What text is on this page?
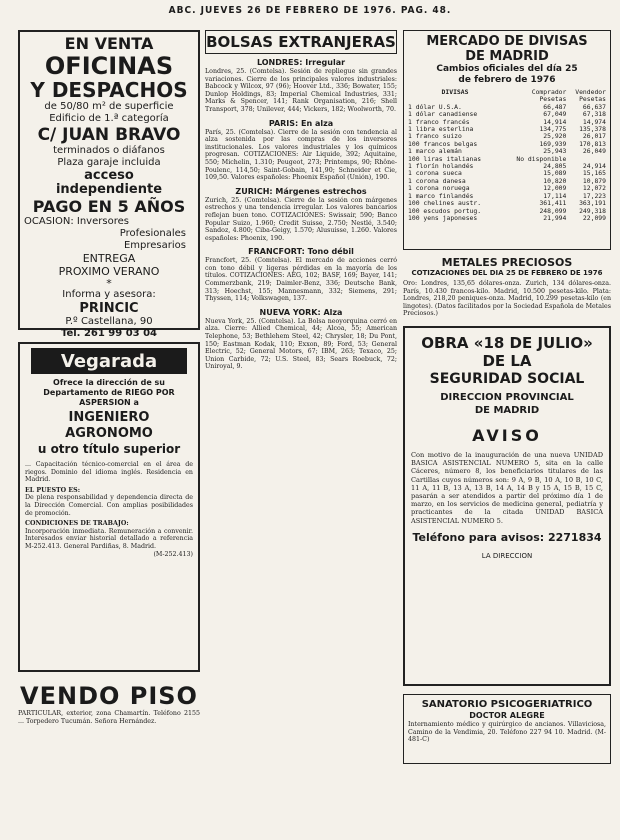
ABC. JUEVES 26 DE FEBRERO DE 1976. PAG. 48.
EN VENTA
OFICINAS
Y DESPACHOS
de 50/80 m² de superficie
Edificio de 1.ª categoría
C/ JUAN BRAVO
terminados o diáfanos
Plaza garaje incluida
acceso
independiente
PAGO EN 5 AÑOS
OCASION: Inversores
Profesionales
Empresarios
ENTREGA
PROXIMO VERANO
*
Informa y asesora:
PRINCIC
P.º Castellana, 90
Tel. 261 99 03 04
Vegarada
Ofrece la dirección de su Departamento de RIEGO POR ASPERSION a
INGENIERO AGRONOMO
u otro título superior
... Capacitación técnico-comercial en el área de riegos. Dominio del idioma inglés. Residencia en Madrid.
EL PUESTO ES:
De plena responsabilidad y dependencia directa de la Dirección Comercial. Con amplias posibilidades de promoción.
CONDICIONES DE TRABAJO:
Incorporación inmediata. Remuneración a convenir. Interesados enviar historial detallado a referencia M-252.413. General Pardiñas, 8. Madrid.
(M-252.413)
VENDO PISO
PARTICULAR, exterior, zona Chamartín. Teléfono 2155 ... Torpedero Tucumán. Señora Hernández.
BOLSAS EXTRANJERAS
LONDRES: Irregular
Londres, 25. (Comtelsa). Sesión de repliegue sin grandes variaciones. Cierre de los principales valores industriales: Babcock y Wilcox, 97 (96); Hoover Ltd., 336; Bowater, 155; Dunlop Holdings, 83; Imperial Chemical Industries, 331; Marks & Spencer, 141; Rank Organisation, 216; Shell Transport, 378; Unilever, 444; Vickers, 182; Woolworth, 70.
PARIS: En alza
París, 25. (Comtelsa). Cierre de la sesión con tendencia al alza sostenida por las compras de los inversores institucionales. Los valores industriales y los químicos progresan. COTIZACIONES: Air Liquide, 392; Aquitaine, 550; Michelin, 1.310; Peugeot, 273; Printemps, 90; Rhône-Poulenc, 114,50; Saint-Gobain, 141,90; Schneider et Cie, 109,50. Valores españoles: Phoenix Español (Unión), 190.
ZURICH: Márgenes estrechos
Zurich, 25. (Comtelsa). Cierre de la sesión con márgenes estrechos y una tendencia irregular. Los valores bancarios reflejan buen tono. COTIZACIONES: Swissair, 590; Banco Popular Suizo, 1.960; Credit Suisse, 2.750; Nestlé, 3.540; Sandoz, 4.800; Ciba-Geigy, 1.570; Alusuisse, 1.260. Valores españoles: Phoenix, 190.
FRANCFORT: Tono débil
Francfort, 25. (Comtelsa). El mercado de acciones cerró con tono débil y ligeras pérdidas en la mayoría de los títulos. COTIZACIONES: AEG, 102; BASF, 169; Bayer, 141; Commerzbank, 219; Daimler-Benz, 336; Deutsche Bank, 313; Hoechst, 155; Mannesmann, 332; Siemens, 291; Thyssen, 114; Volkswagen, 137.
NUEVA YORK: Alza
Nueva York, 25. (Comtelsa). La Bolsa neoyorquina cerró en alza. Cierre: Allied Chemical, 44; Alcoa, 55; American Telephone, 53; Bethlehem Steel, 42; Chrysler, 18; Du Pont, 150; Eastman Kodak, 110; Exxon, 89; Ford, 53; General Electric, 52; General Motors, 67; IBM, 263; Texaco, 25; Union Carbide, 72; U.S. Steel, 83; Sears Roebuck, 72; Uniroyal, 9.
MERCADO DE DIVISAS
DE MADRID
Cambios oficiales del día 25
de febrero de 1976
DIVISAS	Comprador	Vendedor
	Pesetas	Pesetas
1 dólar U.S.A.	66,487	66,637
1 dólar canadiense	67,049	67,318
1 franco francés	14,914	14,974
1 libra esterlina	134,775	135,378
1 franco suizo	25,920	26,017
100 francos belgas	169,939	170,813
1 marco alemán	25,943	26,049
100 liras italianas	No disponible	
1 florín holandés	24,805	24,914
1 corona sueca	15,089	15,165
1 corona danesa	10,820	10,879
1 corona noruega	12,009	12,072
1 marco finlandés	17,114	17,223
100 chelines austr.	361,411	363,191
100 escudos portug.	248,099	249,318
100 yens japoneses	21,994	22,099
METALES PRECIOSOS
COTIZACIONES DEL DIA 25 DE FEBRERO DE 1976
Oro: Londres, 135,65 dólares-onza. Zurich, 134 dólares-onza. París, 10.430 francos-kilo. Madrid, 10.500 pesetas-kilo. Plata: Londres, 218,20 peniques-onza. Madrid, 10.299 pesetas-kilo (en lingotes). (Datos facilitados por la Sociedad Española de Metales Preciosos.)
OBRA «18 DE JULIO»
DE LA
SEGURIDAD SOCIAL
DIRECCION PROVINCIAL
DE MADRID
AVISO
Con motivo de la inauguración de una nueva UNIDAD BASICA ASISTENCIAL NUMERO 5, sita en la calle Cáceres, número 8, los beneficiarios titulares de las Cartillas cuyos números son: 9 A, 9 B, 10 A, 10 B, 10 C, 11 A, 11 B, 13 A, 13 B, 14 A, 14 B y 15 A, 15 B, 15 C, pasarán a ser atendidos a partir del próximo día 1 de marzo, en los servicios de medicina general, pediatría y practicantes de la citada UNIDAD BASICA ASISTENCIAL NUMERO 5.
Teléfono para avisos: 2271834
LA DIRECCION
SANATORIO PSICOGERIATRICO
DOCTOR ALEGRE
Internamiento médico y quirúrgico de ancianos. Villaviciosa, Camino de la Vendimia, 20. Teléfono 227 94 10. Madrid. (M-481-C)
